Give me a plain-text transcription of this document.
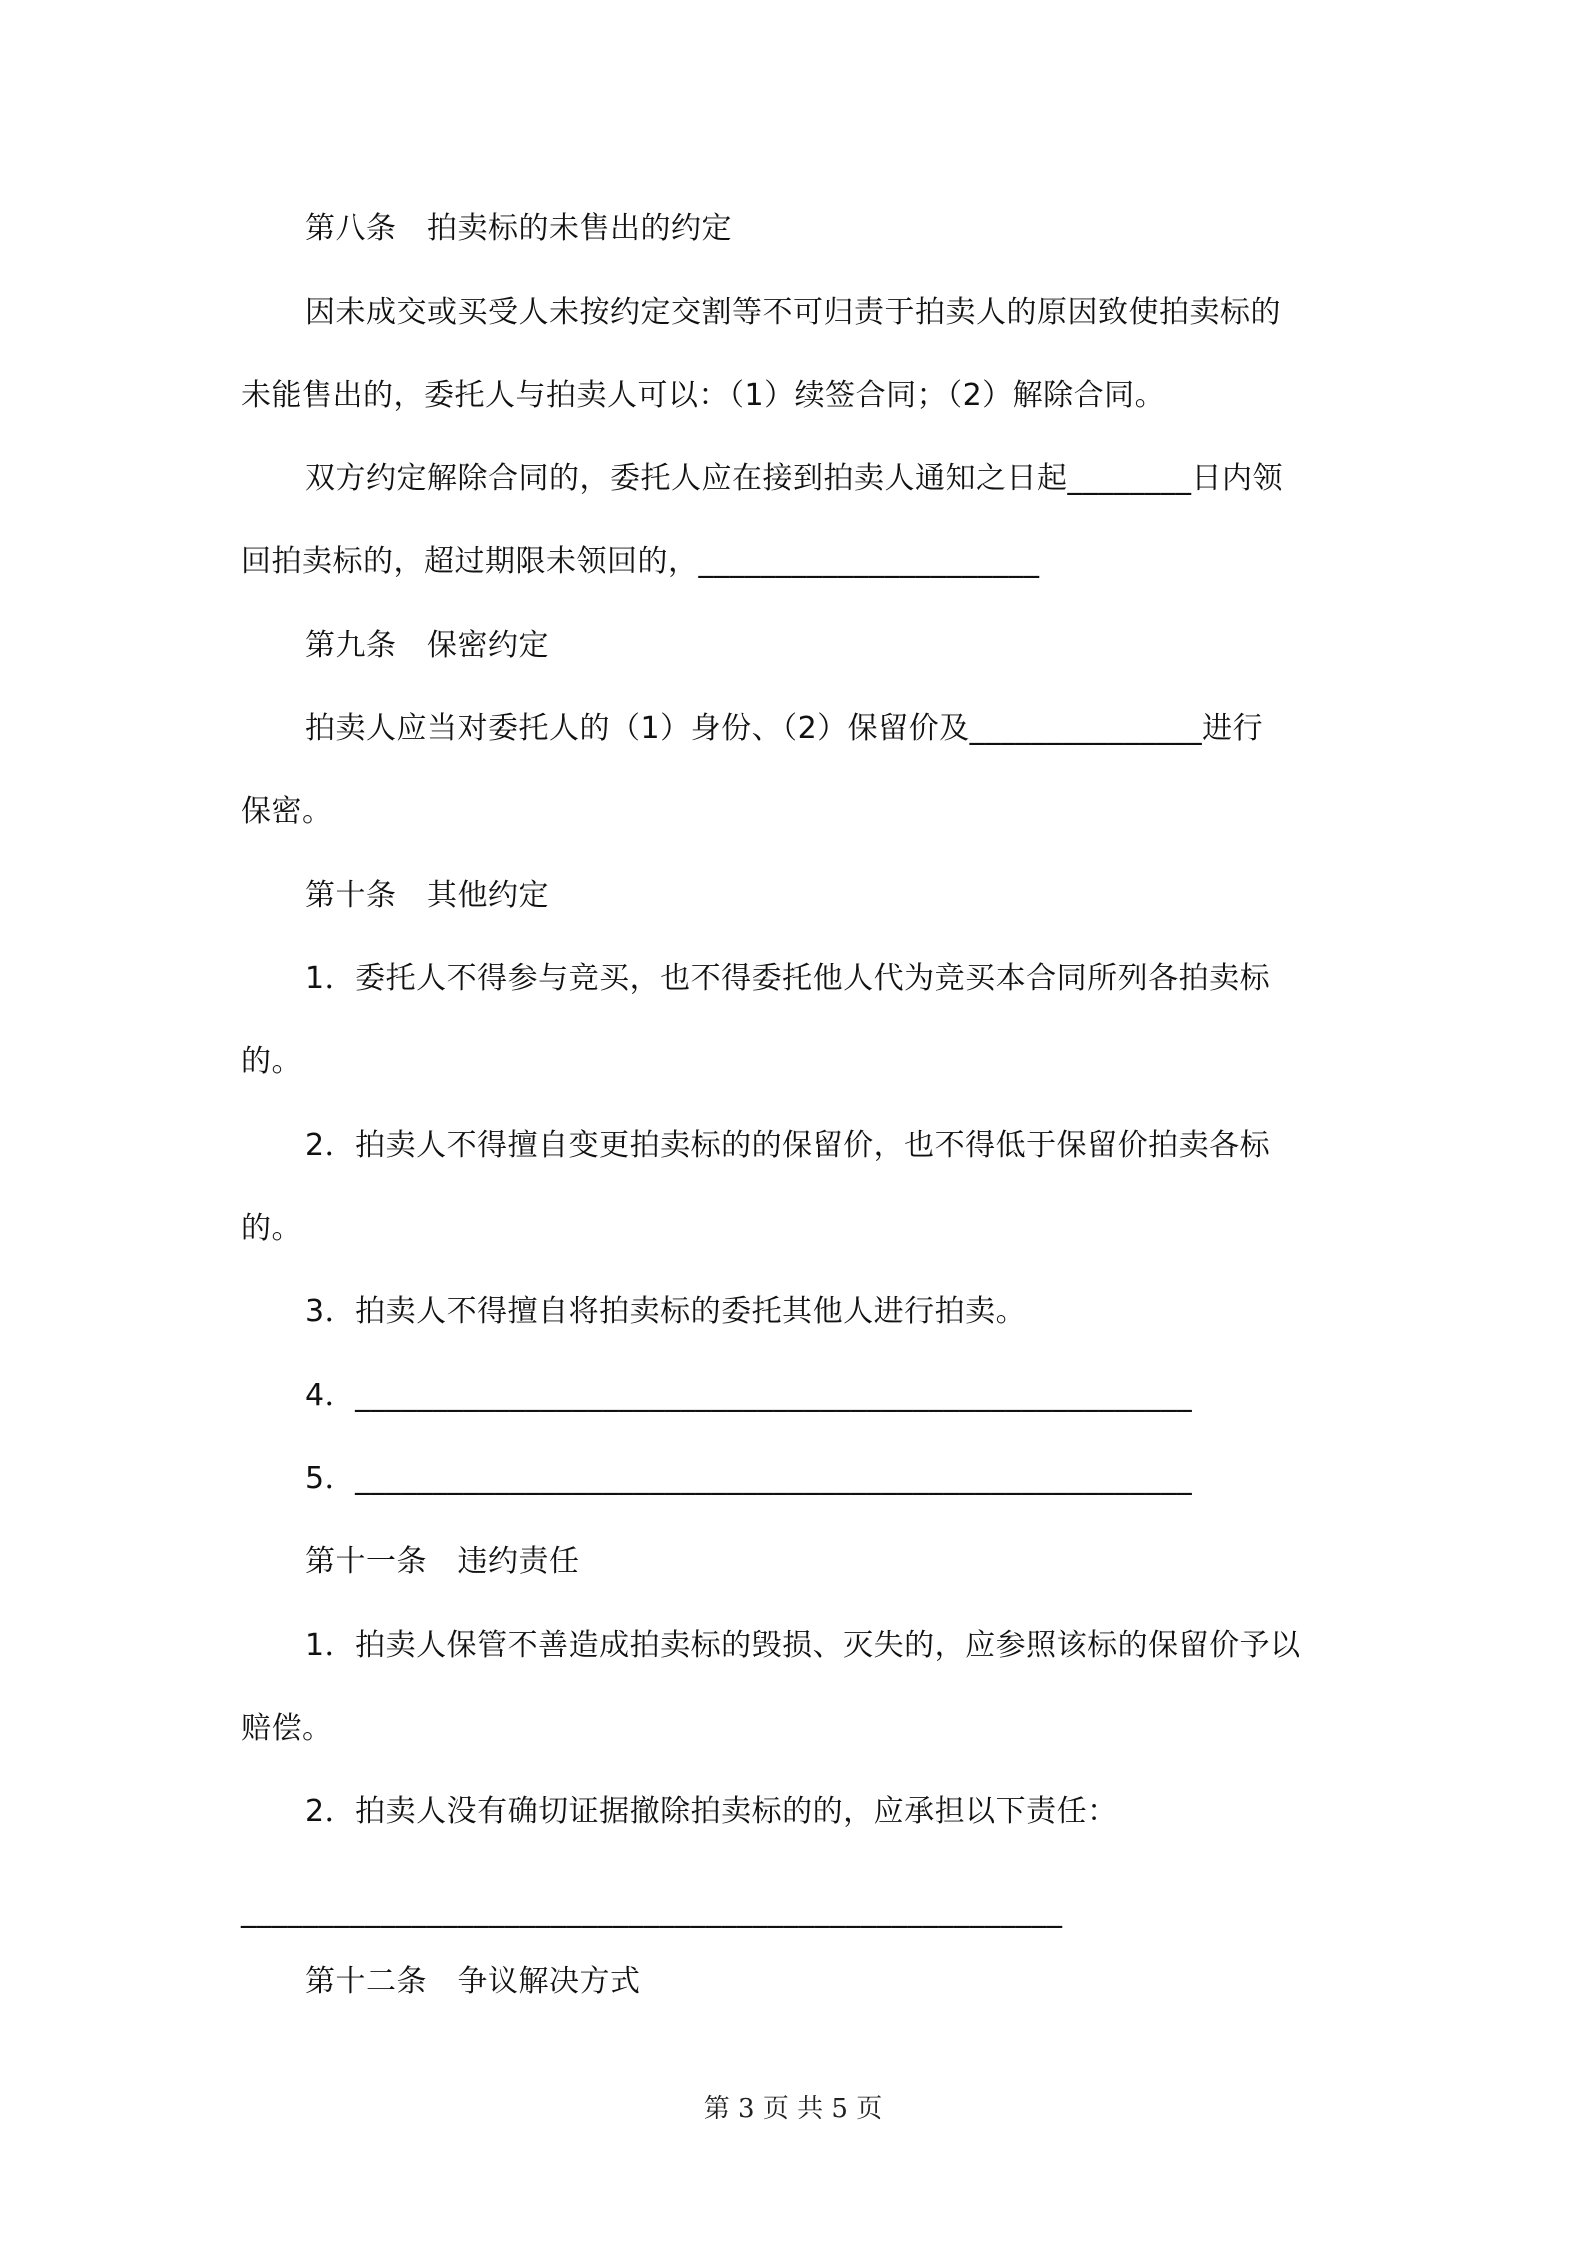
第八条　拍卖标的未售出的约定
因未成交或买受人未按约定交割等不可归责于拍卖人的原因致使拍卖标的
未能售出的，委托人与拍卖人可以：（1）续签合同；（2）解除合同。
双方约定解除合同的，委托人应在接到拍卖人通知之日起________日内领
回拍卖标的，超过期限未领回的，______________________
第九条　保密约定
拍卖人应当对委托人的（1）身份、（2）保留价及_______________进行
保密。
第十条　其他约定
1．委托人不得参与竞买，也不得委托他人代为竞买本合同所列各拍卖标
的。
2．拍卖人不得擅自变更拍卖标的的保留价，也不得低于保留价拍卖各标
的。
3．拍卖人不得擅自将拍卖标的委托其他人进行拍卖。
4．______________________________________________________
5．______________________________________________________
第十一条　违约责任
1．拍卖人保管不善造成拍卖标的毁损、灭失的，应参照该标的保留价予以
赔偿。
2．拍卖人没有确切证据撤除拍卖标的的，应承担以下责任：
_____________________________________________________
第十二条　争议解决方式
第 3 页 共 5 页
